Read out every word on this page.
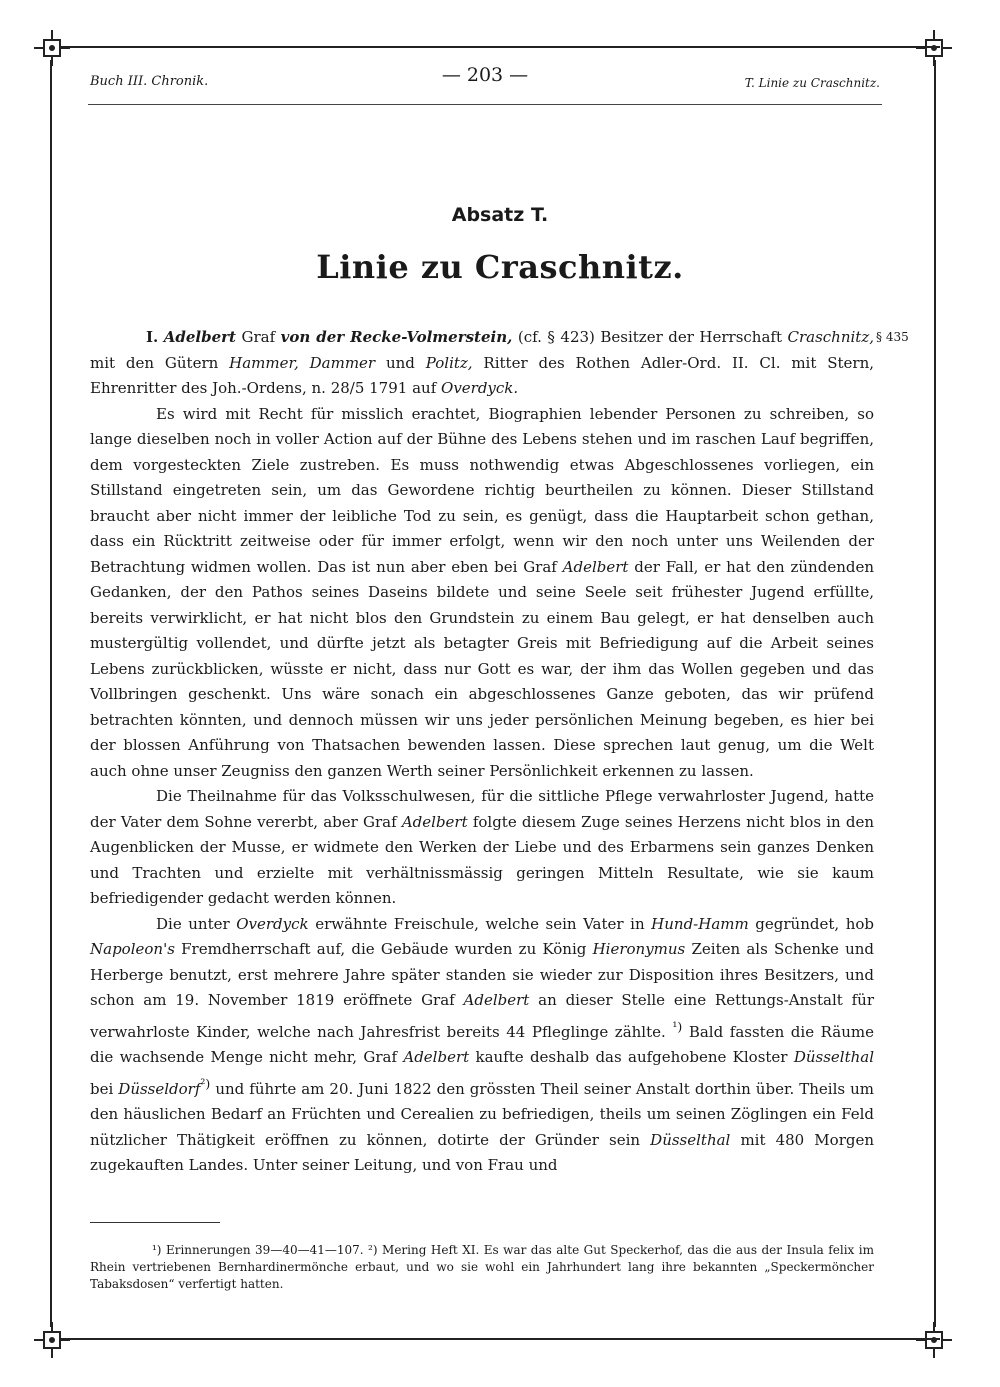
Buch III. Chronik.	— 203 —	T. Linie zu Craschnitz.
Absatz T.
Linie zu Craschnitz.
§ 435

I. Adelbert Graf von der Recke-Volmerstein, (cf. § 423) Besitzer der Herrschaft Craschnitz, mit den Gütern Hammer, Dammer und Politz, Ritter des Rothen Adler-Ord. II. Cl. mit Stern, Ehrenritter des Joh.-Ordens, n. 28/5 1791 auf Overdyck.

Es wird mit Recht für misslich erachtet, Biographien lebender Personen zu schreiben, so lange dieselben noch in voller Action auf der Bühne des Lebens stehen und im raschen Lauf begriffen, dem vorgesteckten Ziele zustreben. Es muss nothwendig etwas Abgeschlossenes vorliegen, ein Stillstand eingetreten sein, um das Gewordene richtig beurtheilen zu können. Dieser Stillstand braucht aber nicht immer der leibliche Tod zu sein, es genügt, dass die Hauptarbeit schon gethan, dass ein Rücktritt zeitweise oder für immer erfolgt, wenn wir den noch unter uns Weilenden der Betrachtung widmen wollen. Das ist nun aber eben bei Graf Adelbert der Fall, er hat den zündenden Gedanken, der den Pathos seines Daseins bildete und seine Seele seit frühester Jugend erfüllte, bereits verwirklicht, er hat nicht blos den Grundstein zu einem Bau gelegt, er hat denselben auch mustergültig vollendet, und dürfte jetzt als betagter Greis mit Befriedigung auf die Arbeit seines Lebens zurückblicken, wüsste er nicht, dass nur Gott es war, der ihm das Wollen gegeben und das Vollbringen geschenkt. Uns wäre sonach ein abgeschlossenes Ganze geboten, das wir prüfend betrachten könnten, und dennoch müssen wir uns jeder persönlichen Meinung begeben, es hier bei der blossen Anführung von Thatsachen bewenden lassen. Diese sprechen laut genug, um die Welt auch ohne unser Zeugniss den ganzen Werth seiner Persönlichkeit erkennen zu lassen.

Die Theilnahme für das Volksschulwesen, für die sittliche Pflege verwahrloster Jugend, hatte der Vater dem Sohne vererbt, aber Graf Adelbert folgte diesem Zuge seines Herzens nicht blos in den Augenblicken der Musse, er widmete den Werken der Liebe und des Erbarmens sein ganzes Denken und Trachten und erzielte mit verhältnissmässig geringen Mitteln Resultate, wie sie kaum befriedigender gedacht werden können.

Die unter Overdyck erwähnte Freischule, welche sein Vater in Hund-Hamm gegründet, hob Napoleon's Fremdherrschaft auf, die Gebäude wurden zu König Hieronymus Zeiten als Schenke und Herberge benutzt, erst mehrere Jahre später standen sie wieder zur Disposition ihres Besitzers, und schon am 19. November 1819 eröffnete Graf Adelbert an dieser Stelle eine Rettungs-Anstalt für verwahrloste Kinder, welche nach Jahresfrist bereits 44 Pfleglinge zählte. $^{^1)}$ Bald fassten die Räume die wachsende Menge nicht mehr, Graf Adelbert kaufte deshalb das aufgehobene Kloster Düsselthal bei Düsseldorf$^{^2)}$ und führte am 20. Juni 1822 den grössten Theil seiner Anstalt dorthin über. Theils um den häuslichen Bedarf an Früchten und Cerealien zu befriedigen, theils um seinen Zöglingen ein Feld nützlicher Thätigkeit eröffnen zu können, dotirte der Gründer sein Düsselthal mit 480 Morgen zugekauften Landes. Unter seiner Leitung, und von Frau und

¹) Erinnerungen 39—40—41—107. ²) Mering Heft XI. Es war das alte Gut Speckerhof, das die aus der Insula felix im Rhein vertriebenen Bernhardinermönche erbaut, und wo sie wohl ein Jahrhundert lang ihre bekannten „Speckermöncher Tabaksdosen“ verfertigt hatten.
